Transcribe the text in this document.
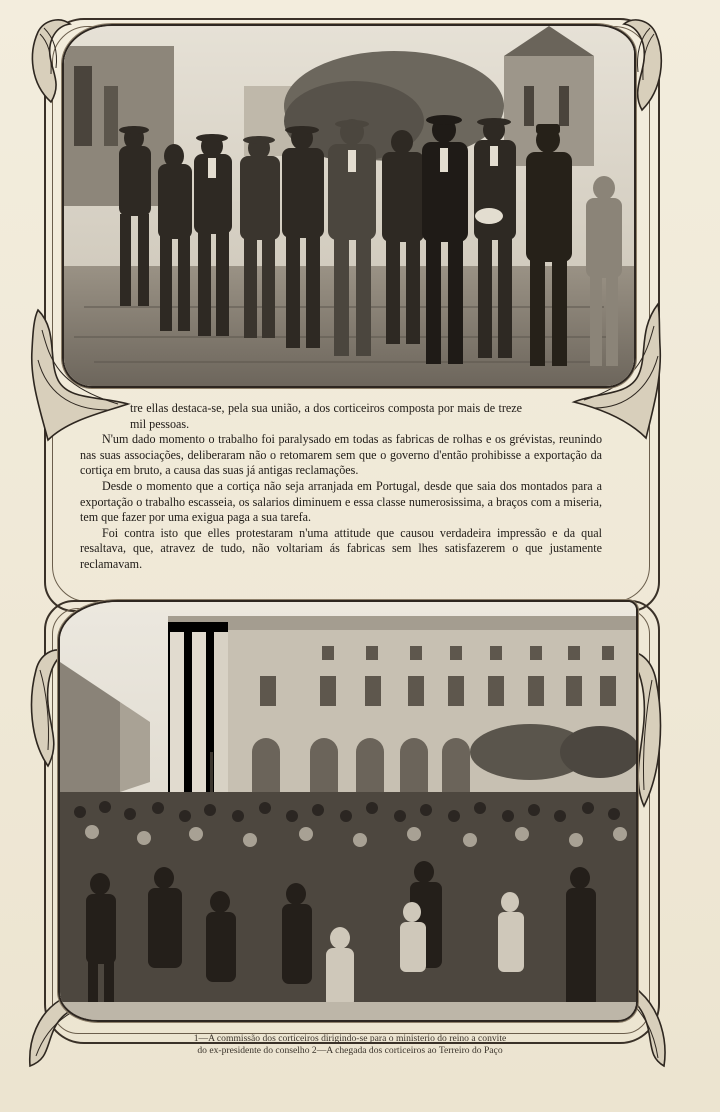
tre ellas destaca-se, pela sua união, a dos corticeiros composta por mais de treze mil pessoas.

N'um dado momento o trabalho foi paralysado em todas as fabricas de rolhas e os grévistas, reunindo nas suas associações, deliberaram não o retomarem sem que o governo d'então prohibisse a exportação da cortiça em bruto, a causa das suas já antigas reclamações.

Desde o momento que a cortiça não seja arranjada em Portugal, desde que saia dos montados para a exportação o trabalho escasseia, os salarios diminuem e essa classe numerosissima, a braços com a miseria, tem que fazer por uma exigua paga a sua tarefa.

Foi contra isto que elles protestaram n'uma attitude que causou verdadeira impressão e da qual resaltava, que, atravez de tudo, não voltariam ás fabricas sem lhes satisfazerem o que justamente reclamavam.

1—A commissão dos corticeiros dirigindo-se para o ministerio do reino a convite
do ex-presidente do conselho 2—A chegada dos corticeiros ao Terreiro do Paço
